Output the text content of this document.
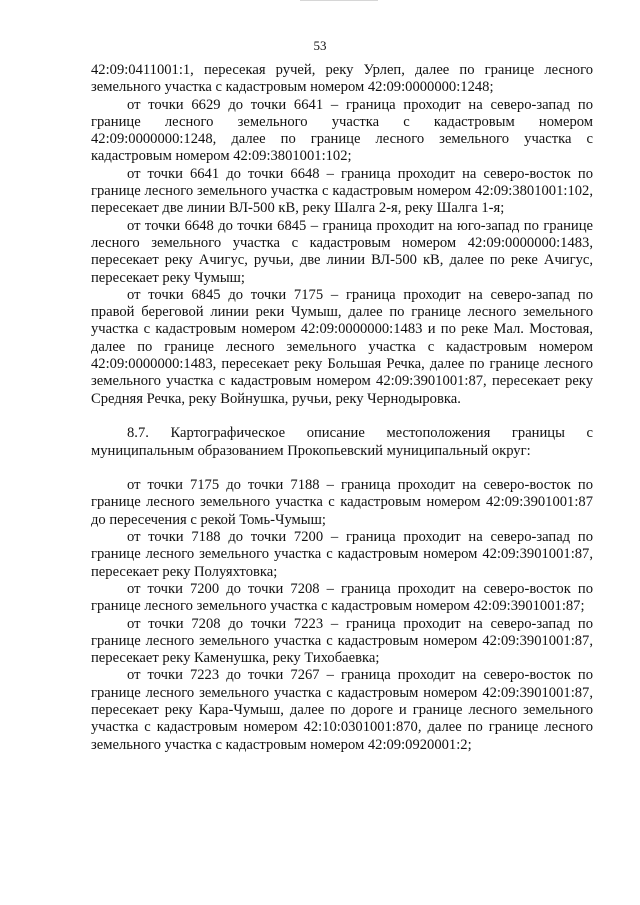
53

42:09:0411001:1, пересекая ручей, реку Урлеп, далее по границе лесного земельного участка с кадастровым номером 42:09:0000000:1248;

от точки 6629 до точки 6641 – граница проходит на северо-запад по границе лесного земельного участка с кадастровым номером 42:09:0000000:1248, далее по границе лесного земельного участка с кадастровым номером 42:09:3801001:102;

от точки 6641 до точки 6648 – граница проходит на северо-восток по границе лесного земельного участка с кадастровым номером 42:09:3801001:102, пересекает две линии ВЛ-500 кВ, реку Шалга 2-я, реку Шалга 1-я;

от точки 6648 до точки 6845 – граница проходит на юго-запад по границе лесного земельного участка с кадастровым номером 42:09:0000000:1483, пересекает реку Ачигус, ручьи, две линии ВЛ-500 кВ, далее по реке Ачигус, пересекает реку Чумыш;

от точки 6845 до точки 7175 – граница проходит на северо-запад по правой береговой линии реки Чумыш, далее по границе лесного земельного участка с кадастровым номером 42:09:0000000:1483 и по реке Мал. Мостовая, далее по границе лесного земельного участка с кадастровым номером 42:09:0000000:1483, пересекает реку Большая Речка, далее по границе лесного земельного участка с кадастровым номером 42:09:3901001:87, пересекает реку Средняя Речка, реку Войнушка, ручьи, реку Чернодыровка.

8.7. Картографическое описание местоположения границы с муниципальным образованием Прокопьевский муниципальный округ:

от точки 7175 до точки 7188 – граница проходит на северо-восток по границе лесного земельного участка с кадастровым номером 42:09:3901001:87 до пересечения с рекой Томь-Чумыш;

от точки 7188 до точки 7200 – граница проходит на северо-запад по границе лесного земельного участка с кадастровым номером 42:09:3901001:87, пересекает реку Полуяхтовка;

от точки 7200 до точки 7208 – граница проходит на северо-восток по границе лесного земельного участка с кадастровым номером 42:09:3901001:87;

от точки 7208 до точки 7223 – граница проходит на северо-запад по границе лесного земельного участка с кадастровым номером 42:09:3901001:87, пересекает реку Каменушка, реку Тихобаевка;

от точки 7223 до точки 7267 – граница проходит на северо-восток по границе лесного земельного участка с кадастровым номером 42:09:3901001:87, пересекает реку Кара-Чумыш, далее по дороге и границе лесного земельного участка с кадастровым номером 42:10:0301001:870, далее по границе лесного земельного участка с кадастровым номером 42:09:0920001:2;
